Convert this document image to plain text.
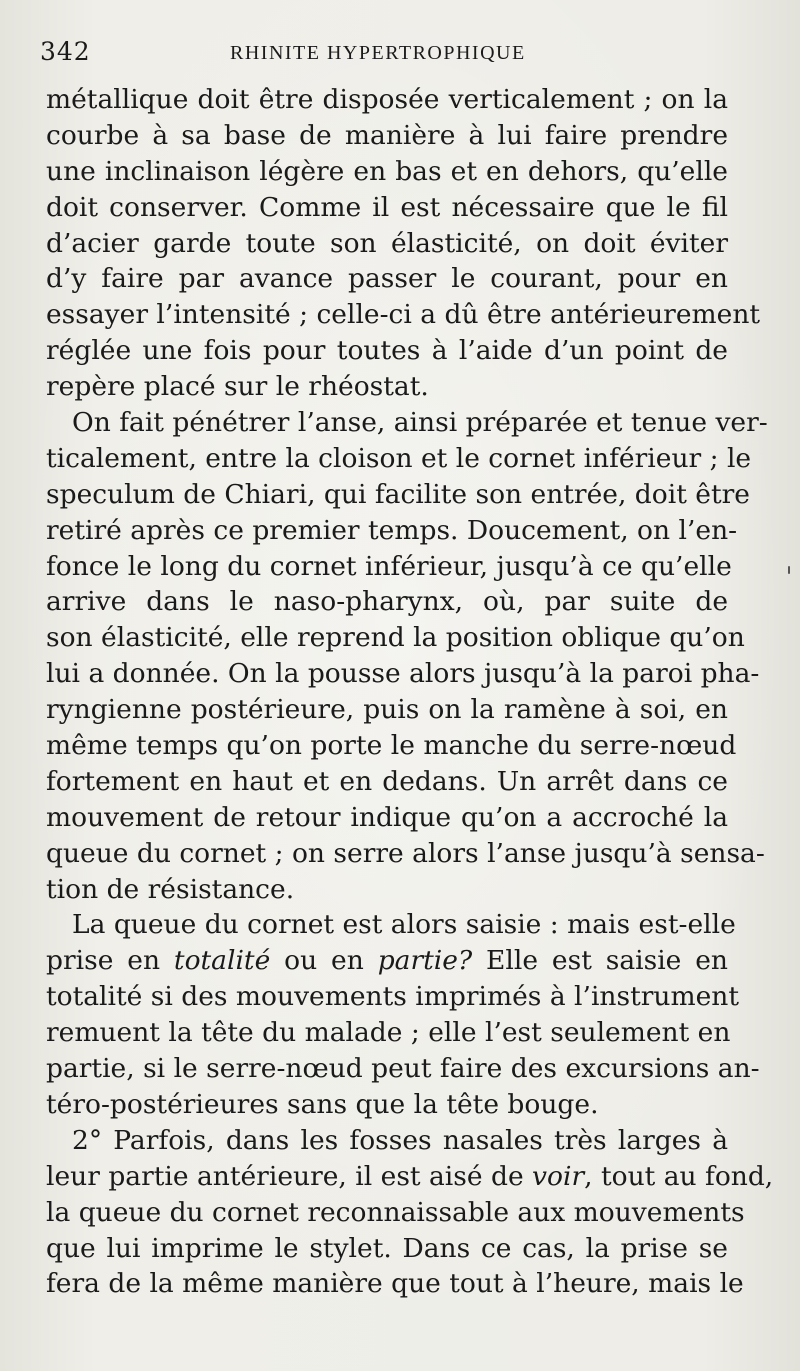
342	RHINITE HYPERTROPHIQUE
métallique doit être disposée verticalement ; on la
courbe à sa base de manière à lui faire prendre
une inclinaison légère en bas et en dehors, qu’elle
doit conserver. Comme il est nécessaire que le fil
d’acier garde toute son élasticité, on doit éviter
d’y faire par avance passer le courant, pour en
essayer l’intensité ; celle-ci a dû être antérieurement
réglée une fois pour toutes à l’aide d’un point de
repère placé sur le rhéostat.
On fait pénétrer l’anse, ainsi préparée et tenue ver-
ticalement, entre la cloison et le cornet inférieur ; le
speculum de Chiari, qui facilite son entrée, doit être
retiré après ce premier temps. Doucement, on l’en-
fonce le long du cornet inférieur, jusqu’à ce qu’elle
arrive dans le naso-pharynx, où, par suite de
son élasticité, elle reprend la position oblique qu’on
lui a donnée. On la pousse alors jusqu’à la paroi pha-
ryngienne postérieure, puis on la ramène à soi, en
même temps qu’on porte le manche du serre-nœud
fortement en haut et en dedans. Un arrêt dans ce
mouvement de retour indique qu’on a accroché la
queue du cornet ; on serre alors l’anse jusqu’à sensa-
tion de résistance.
La queue du cornet est alors saisie : mais est-elle
prise en totalité ou en partie? Elle est saisie en
totalité si des mouvements imprimés à l’instrument
remuent la tête du malade ; elle l’est seulement en
partie, si le serre-nœud peut faire des excursions an-
téro-postérieures sans que la tête bouge.
2° Parfois, dans les fosses nasales très larges à
leur partie antérieure, il est aisé de voir, tout au fond,
la queue du cornet reconnaissable aux mouvements
que lui imprime le stylet. Dans ce cas, la prise se
fera de la même manière que tout à l’heure, mais le
